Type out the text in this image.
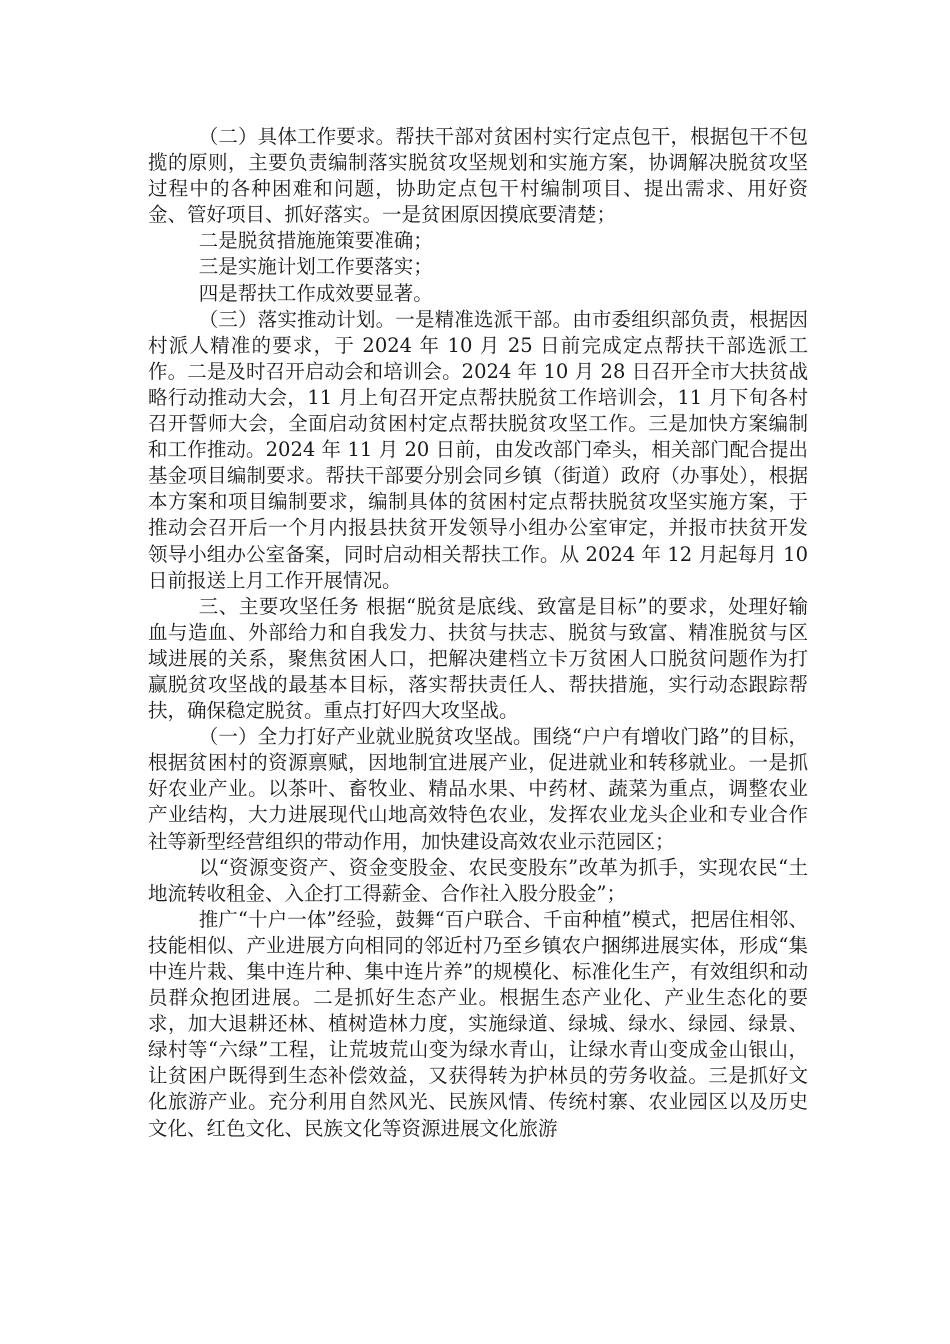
（二）具体工作要求。帮扶干部对贫困村实行定点包干，根据包干不包揽的原则，主要负责编制落实脱贫攻坚规划和实施方案，协调解决脱贫攻坚过程中的各种困难和问题，协助定点包干村编制项目、提出需求、用好资金、管好项目、抓好落实。一是贫困原因摸底要清楚；

二是脱贫措施施策要准确；

三是实施计划工作要落实；

四是帮扶工作成效要显著。

（三）落实推动计划。一是精准选派干部。由市委组织部负责，根据因村派人精准的要求，于 2024 年 10 月 25 日前完成定点帮扶干部选派工作。二是及时召开启动会和培训会。2024 年 10 月 28 日召开全市大扶贫战略行动推动大会，11 月上旬召开定点帮扶脱贫工作培训会，11 月下旬各村召开誓师大会，全面启动贫困村定点帮扶脱贫攻坚工作。三是加快方案编制和工作推动。2024 年 11 月 20 日前，由发改部门牵头，相关部门配合提出基金项目编制要求。帮扶干部要分别会同乡镇（街道）政府（办事处），根据本方案和项目编制要求，编制具体的贫困村定点帮扶脱贫攻坚实施方案，于推动会召开后一个月内报县扶贫开发领导小组办公室审定，并报市扶贫开发领导小组办公室备案，同时启动相关帮扶工作。从 2024 年 12 月起每月 10 日前报送上月工作开展情况。

三、主要攻坚任务 根据“脱贫是底线、致富是目标”的要求，处理好输血与造血、外部给力和自我发力、扶贫与扶志、脱贫与致富、精准脱贫与区域进展的关系，聚焦贫困人口，把解决建档立卡万贫困人口脱贫问题作为打赢脱贫攻坚战的最基本目标，落实帮扶责任人、帮扶措施，实行动态跟踪帮扶，确保稳定脱贫。重点打好四大攻坚战。

（一）全力打好产业就业脱贫攻坚战。围绕“户户有增收门路”的目标，根据贫困村的资源禀赋，因地制宜进展产业，促进就业和转移就业。一是抓好农业产业。以茶叶、畜牧业、精品水果、中药材、蔬菜为重点，调整农业产业结构，大力进展现代山地高效特色农业，发挥农业龙头企业和专业合作社等新型经营组织的带动作用，加快建设高效农业示范园区；

以“资源变资产、资金变股金、农民变股东”改革为抓手，实现农民“土地流转收租金、入企打工得薪金、合作社入股分股金”；

推广“十户一体”经验，鼓舞“百户联合、千亩种植”模式，把居住相邻、技能相似、产业进展方向相同的邻近村乃至乡镇农户捆绑进展实体，形成“集中连片栽、集中连片种、集中连片养”的规模化、标准化生产，有效组织和动员群众抱团进展。二是抓好生态产业。根据生态产业化、产业生态化的要求，加大退耕还林、植树造林力度，实施绿道、绿城、绿水、绿园、绿景、绿村等“六绿”工程，让荒坡荒山变为绿水青山，让绿水青山变成金山银山，让贫困户既得到生态补偿效益，又获得转为护林员的劳务收益。三是抓好文化旅游产业。充分利用自然风光、民族风情、传统村寨、农业园区以及历史文化、红色文化、民族文化等资源进展文化旅游
